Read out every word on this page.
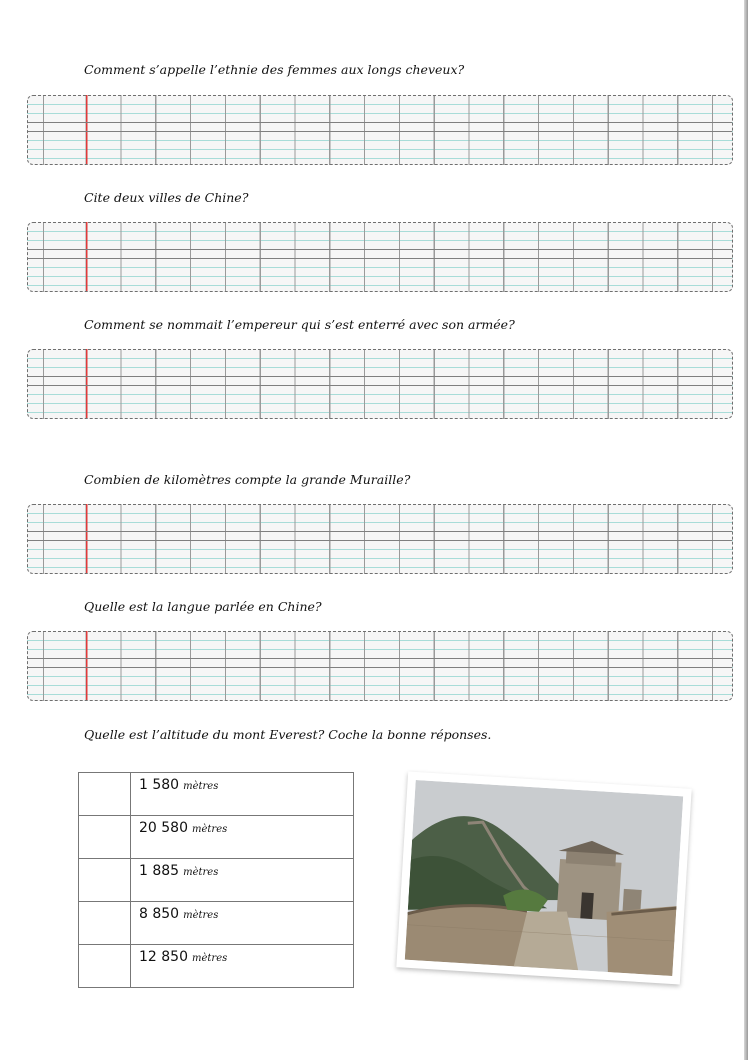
Comment s’appelle l’ethnie des femmes aux longs cheveux?

Cite deux villes de Chine?

Comment se nommait l’empereur qui s’est enterré avec son armée?

Combien de kilomètres compte la grande Muraille?

Quelle est la langue parlée en Chine?

Quelle est l’altitude du mont Everest? Coche la bonne réponses.

	1 580 mètres
	20 580 mètres
	1 885 mètres
	8 850 mètres
	12 850 mètres
